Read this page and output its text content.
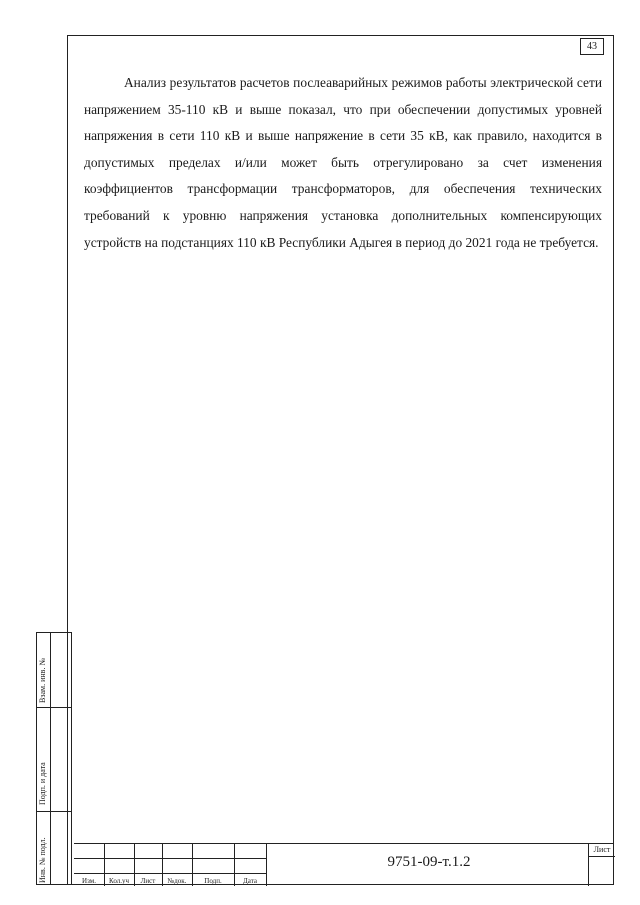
43

Анализ результатов расчетов послеаварийных режимов работы электрической сети напряжением 35-110 кВ и выше показал, что при обеспечении допустимых уровней напряжения в сети 110 кВ и выше напряжение в сети 35 кВ, как правило, находится в допустимых пределах и/или может быть отрегулировано за счет изменения коэффициентов трансформации трансформаторов, для обеспечения технических требований к уровню напряжения установка дополнительных компенсирующих устройств на подстанциях 110 кВ Республики Адыгея в период до 2021 года не требуется.

Инв. № подл.
Подп. и дата
Взам. инв. №
Изм.	Кол.уч	Лист	№док.	Подп.	Дата
9751-09-т.1.2
Лист
